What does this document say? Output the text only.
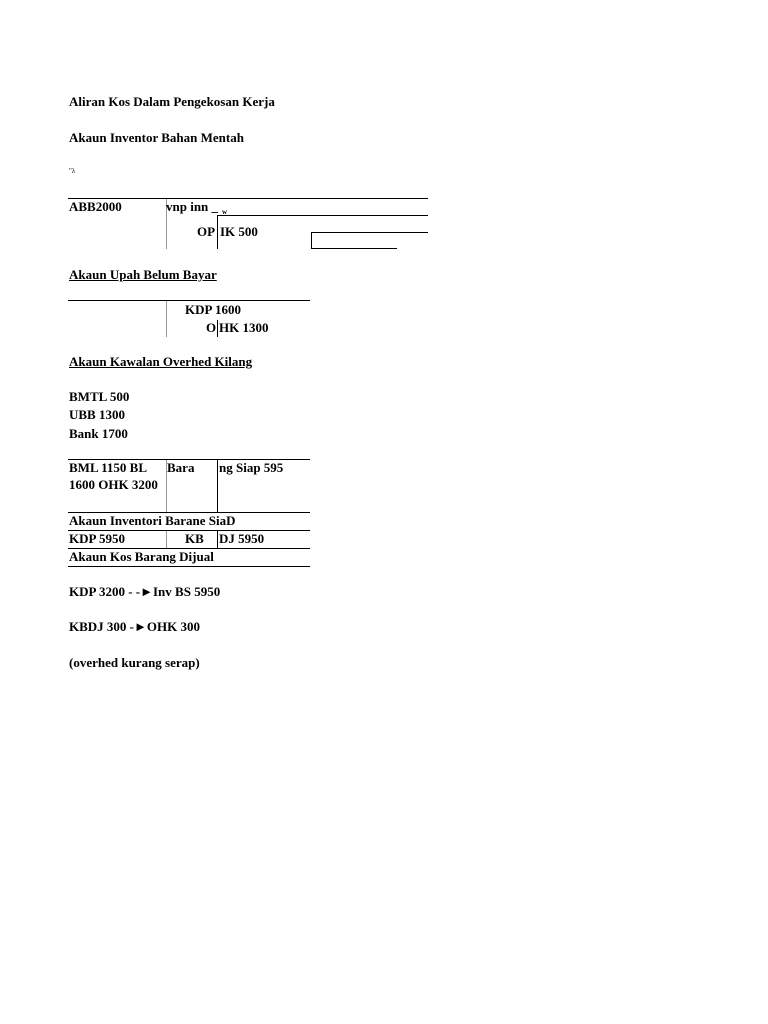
Aliran Kos Dalam Pengekosan Kerja
Akaun Inventor Bahan Mentah
"λ
ABB2000	vnp inn _ w
OP IK 500
Akaun Upah Belum Bayar
KDP 1600
O HK 1300
Akaun Kawalan Overhed Kilang
BMTL 500
UBB 1300
Bank 1700
BML 1150 BL
1600 OHK 3200
Bara ng Siap 595
Akaun Inventori Barane SiaD
KDP 5950	KB DJ 5950
Akaun Kos Barang Dijual
KDP 3200 - -►Inv BS 5950
KBDJ 300 -►OHK 300
(overhed kurang serap)
